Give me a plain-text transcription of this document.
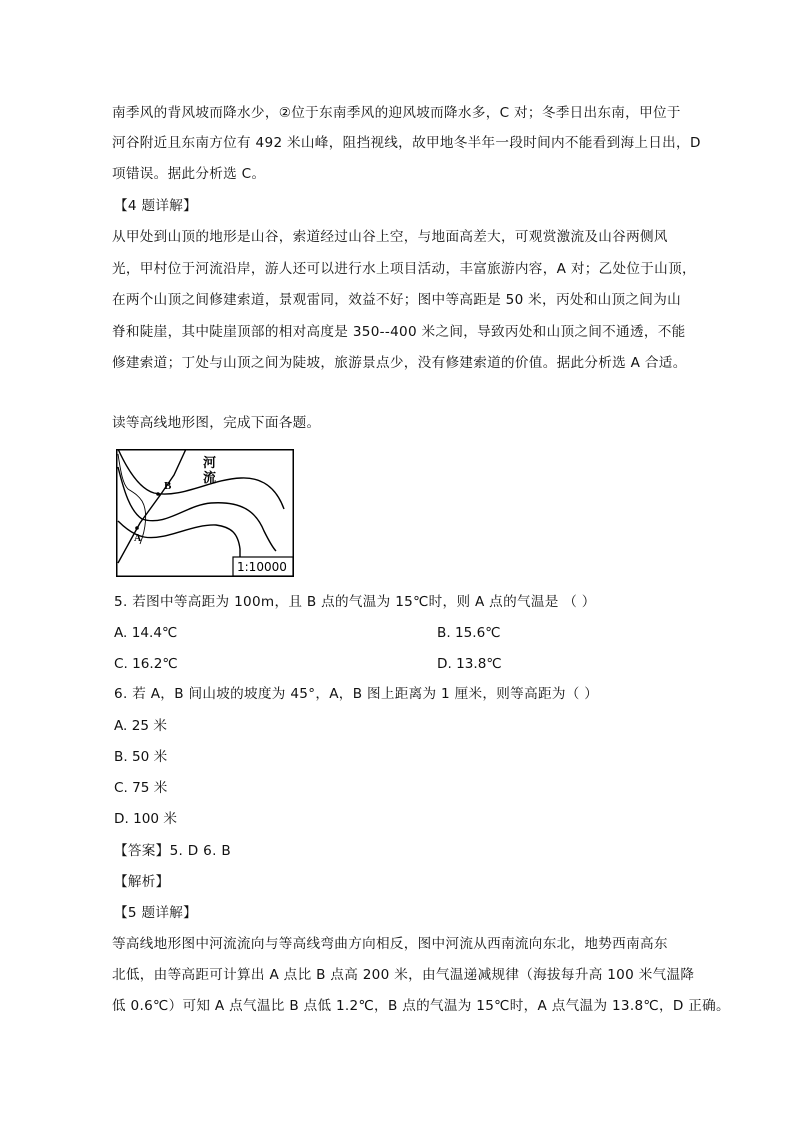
南季风的背风坡而降水少，②位于东南季风的迎风坡而降水多，C 对；冬季日出东南，甲位于
河谷附近且东南方位有 492 米山峰，阻挡视线，故甲地冬半年一段时间内不能看到海上日出，D
项错误。据此分析选 C。
【4 题详解】
从甲处到山顶的地形是山谷，索道经过山谷上空，与地面高差大，可观赏激流及山谷两侧风
光，甲村位于河流沿岸，游人还可以进行水上项目活动，丰富旅游内容，A 对；乙处位于山顶，
在两个山顶之间修建索道，景观雷同，效益不好；图中等高距是 50 米，丙处和山顶之间为山
脊和陡崖，其中陡崖顶部的相对高度是 350--400 米之间，导致丙处和山顶之间不通透，不能
修建索道；丁处与山顶之间为陡坡，旅游景点少，没有修建索道的价值。据此分析选 A 合适。
读等高线地形图，完成下面各题。
B
A
河
流
1:10000
5. 若图中等高距为 100m，且 B 点的气温为 15℃时，则 A 点的气温是 （ ）
A. 14.4℃	B. 15.6℃
C. 16.2℃	D. 13.8℃
6. 若 A，B 间山坡的坡度为 45°，A，B 图上距离为 1 厘米，则等高距为（ ）
A. 25 米
B. 50 米
C. 75 米
D. 100 米
【答案】5. D 6. B
【解析】
【5 题详解】
等高线地形图中河流流向与等高线弯曲方向相反，图中河流从西南流向东北，地势西南高东
北低，由等高距可计算出 A 点比 B 点高 200 米，由气温递减规律（海拔每升高 100 米气温降
低 0.6℃）可知 A 点气温比 B 点低 1.2℃，B 点的气温为 15℃时，A 点气温为 13.8℃，D 正确。
